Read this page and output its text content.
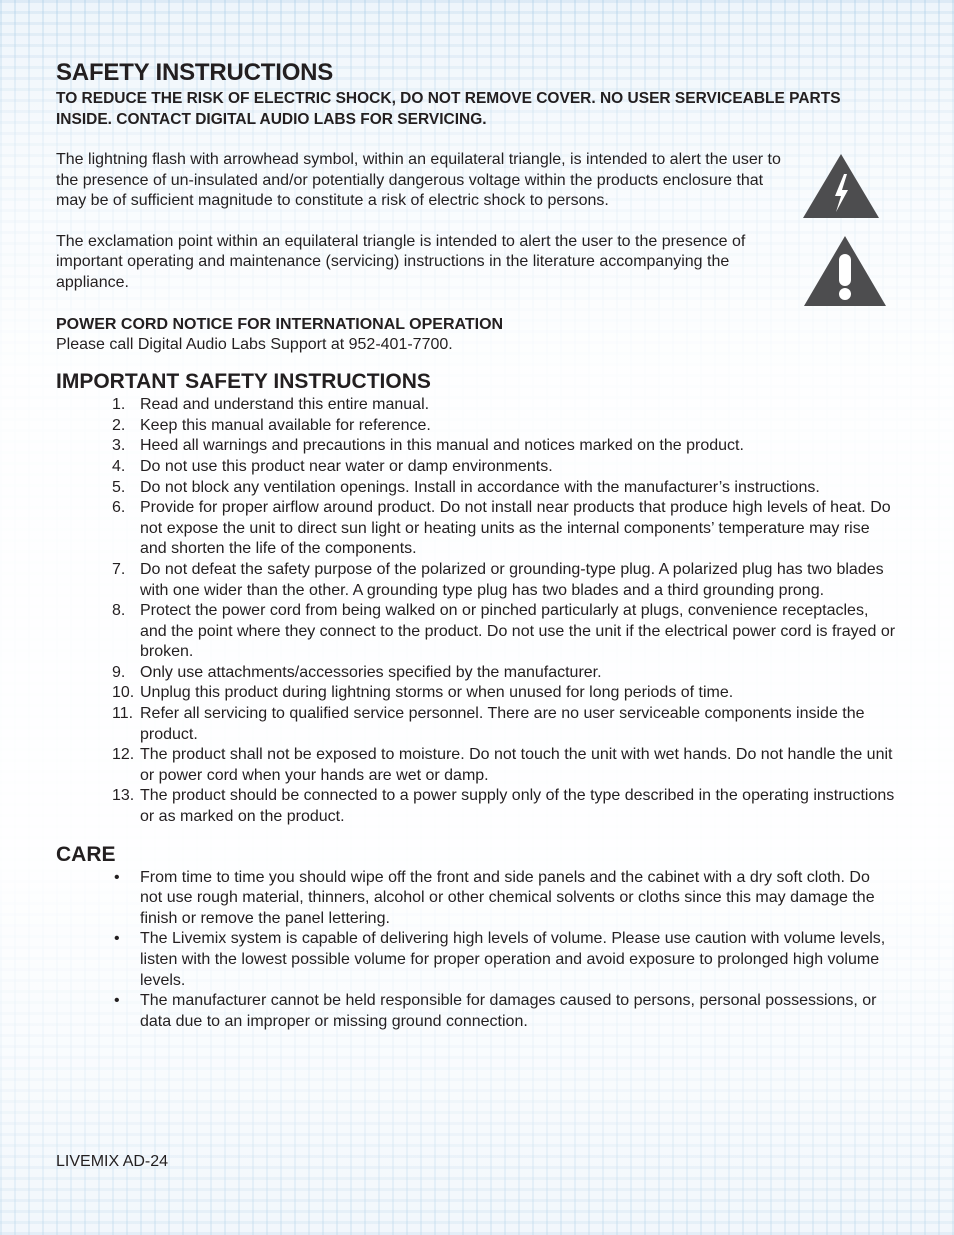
SAFETY INSTRUCTIONS

TO REDUCE THE RISK OF ELECTRIC SHOCK, DO NOT REMOVE COVER. NO USER SERVICEABLE PARTS INSIDE. CONTACT DIGITAL AUDIO LABS FOR SERVICING.

The lightning flash with arrowhead symbol, within an equilateral triangle, is intended to alert the user to the presence of un-insulated and/or potentially dangerous voltage within the products enclosure that may be of sufficient magnitude to constitute a risk of electric shock to persons.

The exclamation point within an equilateral triangle is intended to alert the user to the presence of important operating and maintenance (servicing) instructions in the literature accompanying the appliance.

POWER CORD NOTICE FOR INTERNATIONAL OPERATION

Please call Digital Audio Labs Support at 952-401-7700.

IMPORTANT SAFETY INSTRUCTIONS
1. Read and understand this entire manual.
2. Keep this manual available for reference.
3. Heed all warnings and precautions in this manual and notices marked on the product.
4. Do not use this product near water or damp environments.
5. Do not block any ventilation openings. Install in accordance with the manufacturer’s instructions.
6. Provide for proper airflow around product. Do not install near products that produce high levels of heat. Do not expose the unit to direct sun light or heating units as the internal components’ temperature may rise and shorten the life of the components.
7. Do not defeat the safety purpose of the polarized or grounding-type plug. A polarized plug has two blades with one wider than the other. A grounding type plug has two blades and a third grounding prong.
8. Protect the power cord from being walked on or pinched particularly at plugs, convenience receptacles, and the point where they connect to the product. Do not use the unit if the electrical power cord is frayed or broken.
9. Only use attachments/accessories specified by the manufacturer.
10. Unplug this product during lightning storms or when unused for long periods of time.
11. Refer all servicing to qualified service personnel. There are no user serviceable components inside the product.
12. The product shall not be exposed to moisture. Do not touch the unit with wet hands. Do not handle the unit or power cord when your hands are wet or damp.
13. The product should be connected to a power supply only of the type described in the operating instructions or as marked on the product.
CARE
• From time to time you should wipe off the front and side panels and the cabinet with a dry soft cloth. Do not use rough material, thinners, alcohol or other chemical solvents or cloths since this may damage the finish or remove the panel lettering.
• The Livemix system is capable of delivering high levels of volume. Please use caution with volume levels, listen with the lowest possible volume for proper operation and avoid exposure to prolonged high volume levels.
• The manufacturer cannot be held responsible for damages caused to persons, personal possessions, or data due to an improper or missing ground connection.
LIVEMIX AD-24
